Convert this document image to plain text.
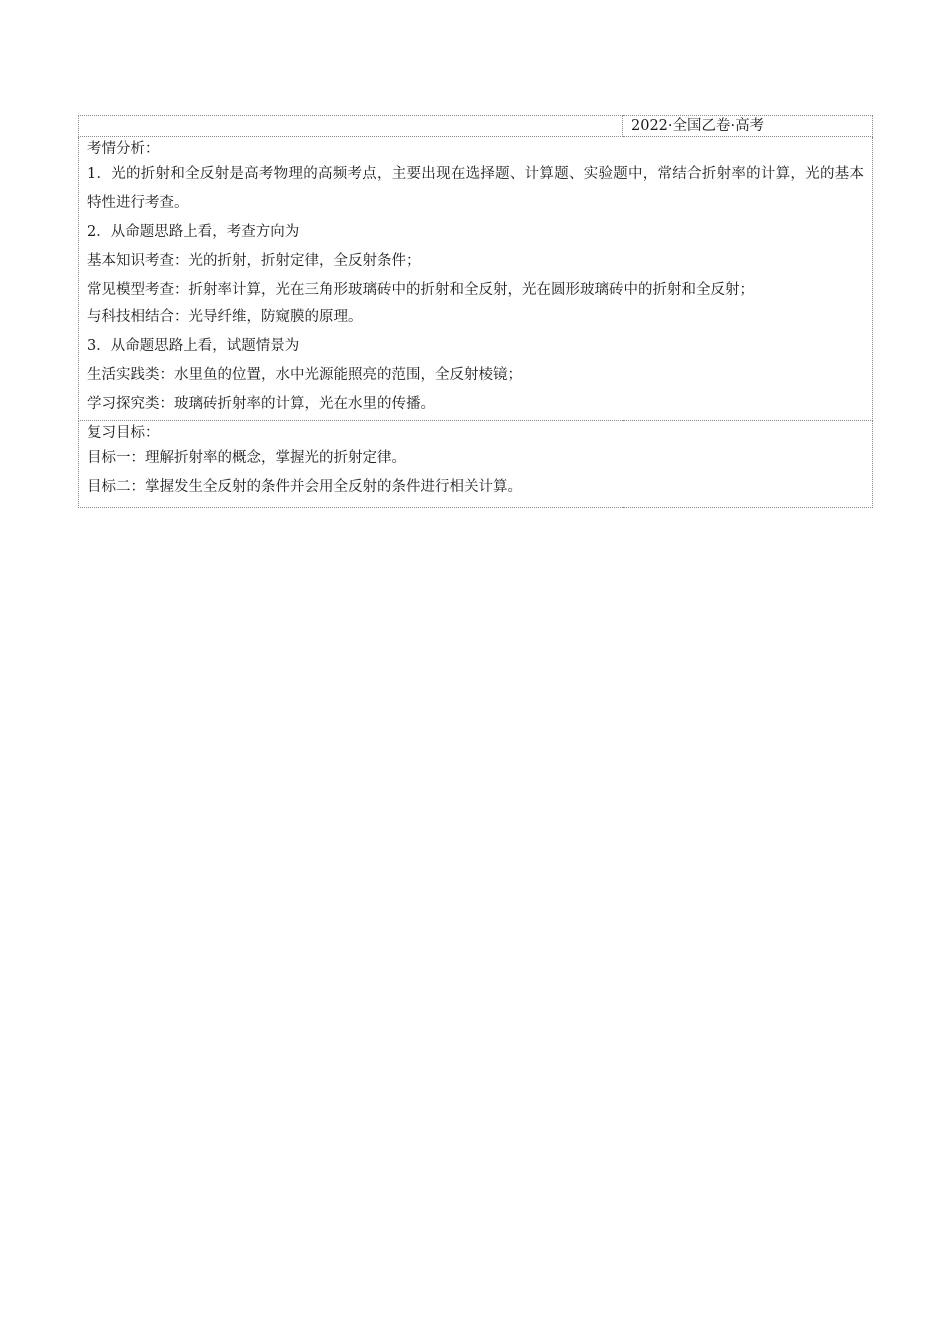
	2022·全国乙卷·高考

考情分析：
1．光的折射和全反射是高考物理的高频考点，主要出现在选择题、计算题、实验题中，常结合折射率的计算，光的基本特性进行考查。
2．从命题思路上看，考查方向为
基本知识考查：光的折射，折射定律，全反射条件；
常见模型考查：折射率计算，光在三角形玻璃砖中的折射和全反射，光在圆形玻璃砖中的折射和全反射；
与科技相结合：光导纤维，防窥膜的原理。
3．从命题思路上看，试题情景为
生活实践类：水里鱼的位置，水中光源能照亮的范围，全反射棱镜；
学习探究类：玻璃砖折射率的计算，光在水里的传播。

复习目标：
目标一：理解折射率的概念，掌握光的折射定律。
目标二：掌握发生全反射的条件并会用全反射的条件进行相关计算。
